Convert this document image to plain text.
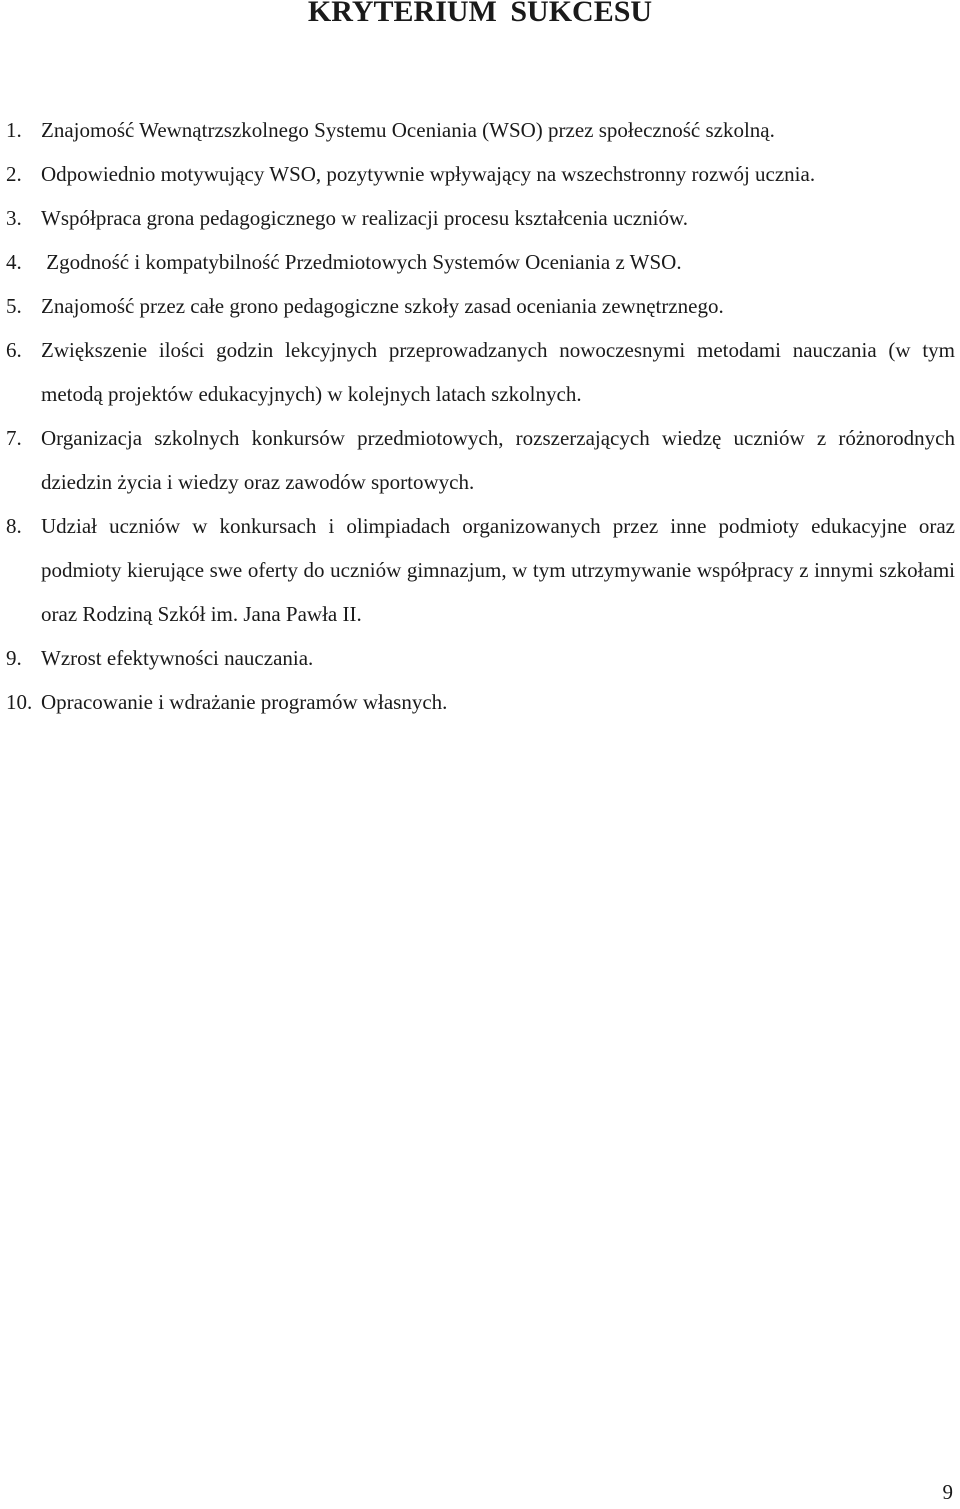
KRYTERIUM SUKCESU
1. Znajomość Wewnątrzszkolnego Systemu Oceniania (WSO) przez społeczność szkolną.
2. Odpowiednio motywujący WSO, pozytywnie wpływający na wszechstronny rozwój ucznia.
3. Współpraca grona pedagogicznego w realizacji procesu kształcenia uczniów.
4. Zgodność i kompatybilność Przedmiotowych Systemów Oceniania z WSO.
5. Znajomość przez całe grono pedagogiczne szkoły zasad oceniania zewnętrznego.
6. Zwiększenie ilości godzin lekcyjnych przeprowadzanych nowoczesnymi metodami nauczania (w tym metodą projektów edukacyjnych) w kolejnych latach szkolnych.
7. Organizacja szkolnych konkursów przedmiotowych, rozszerzających wiedzę uczniów z różnorodnych dziedzin życia i wiedzy oraz zawodów sportowych.
8. Udział uczniów w konkursach i olimpiadach organizowanych przez inne podmioty edukacyjne oraz podmioty kierujące swe oferty do uczniów gimnazjum, w tym utrzymywanie współpracy z innymi szkołami oraz Rodziną Szkół im. Jana Pawła II.
9. Wzrost efektywności nauczania.
10. Opracowanie i wdrażanie programów własnych.
9
